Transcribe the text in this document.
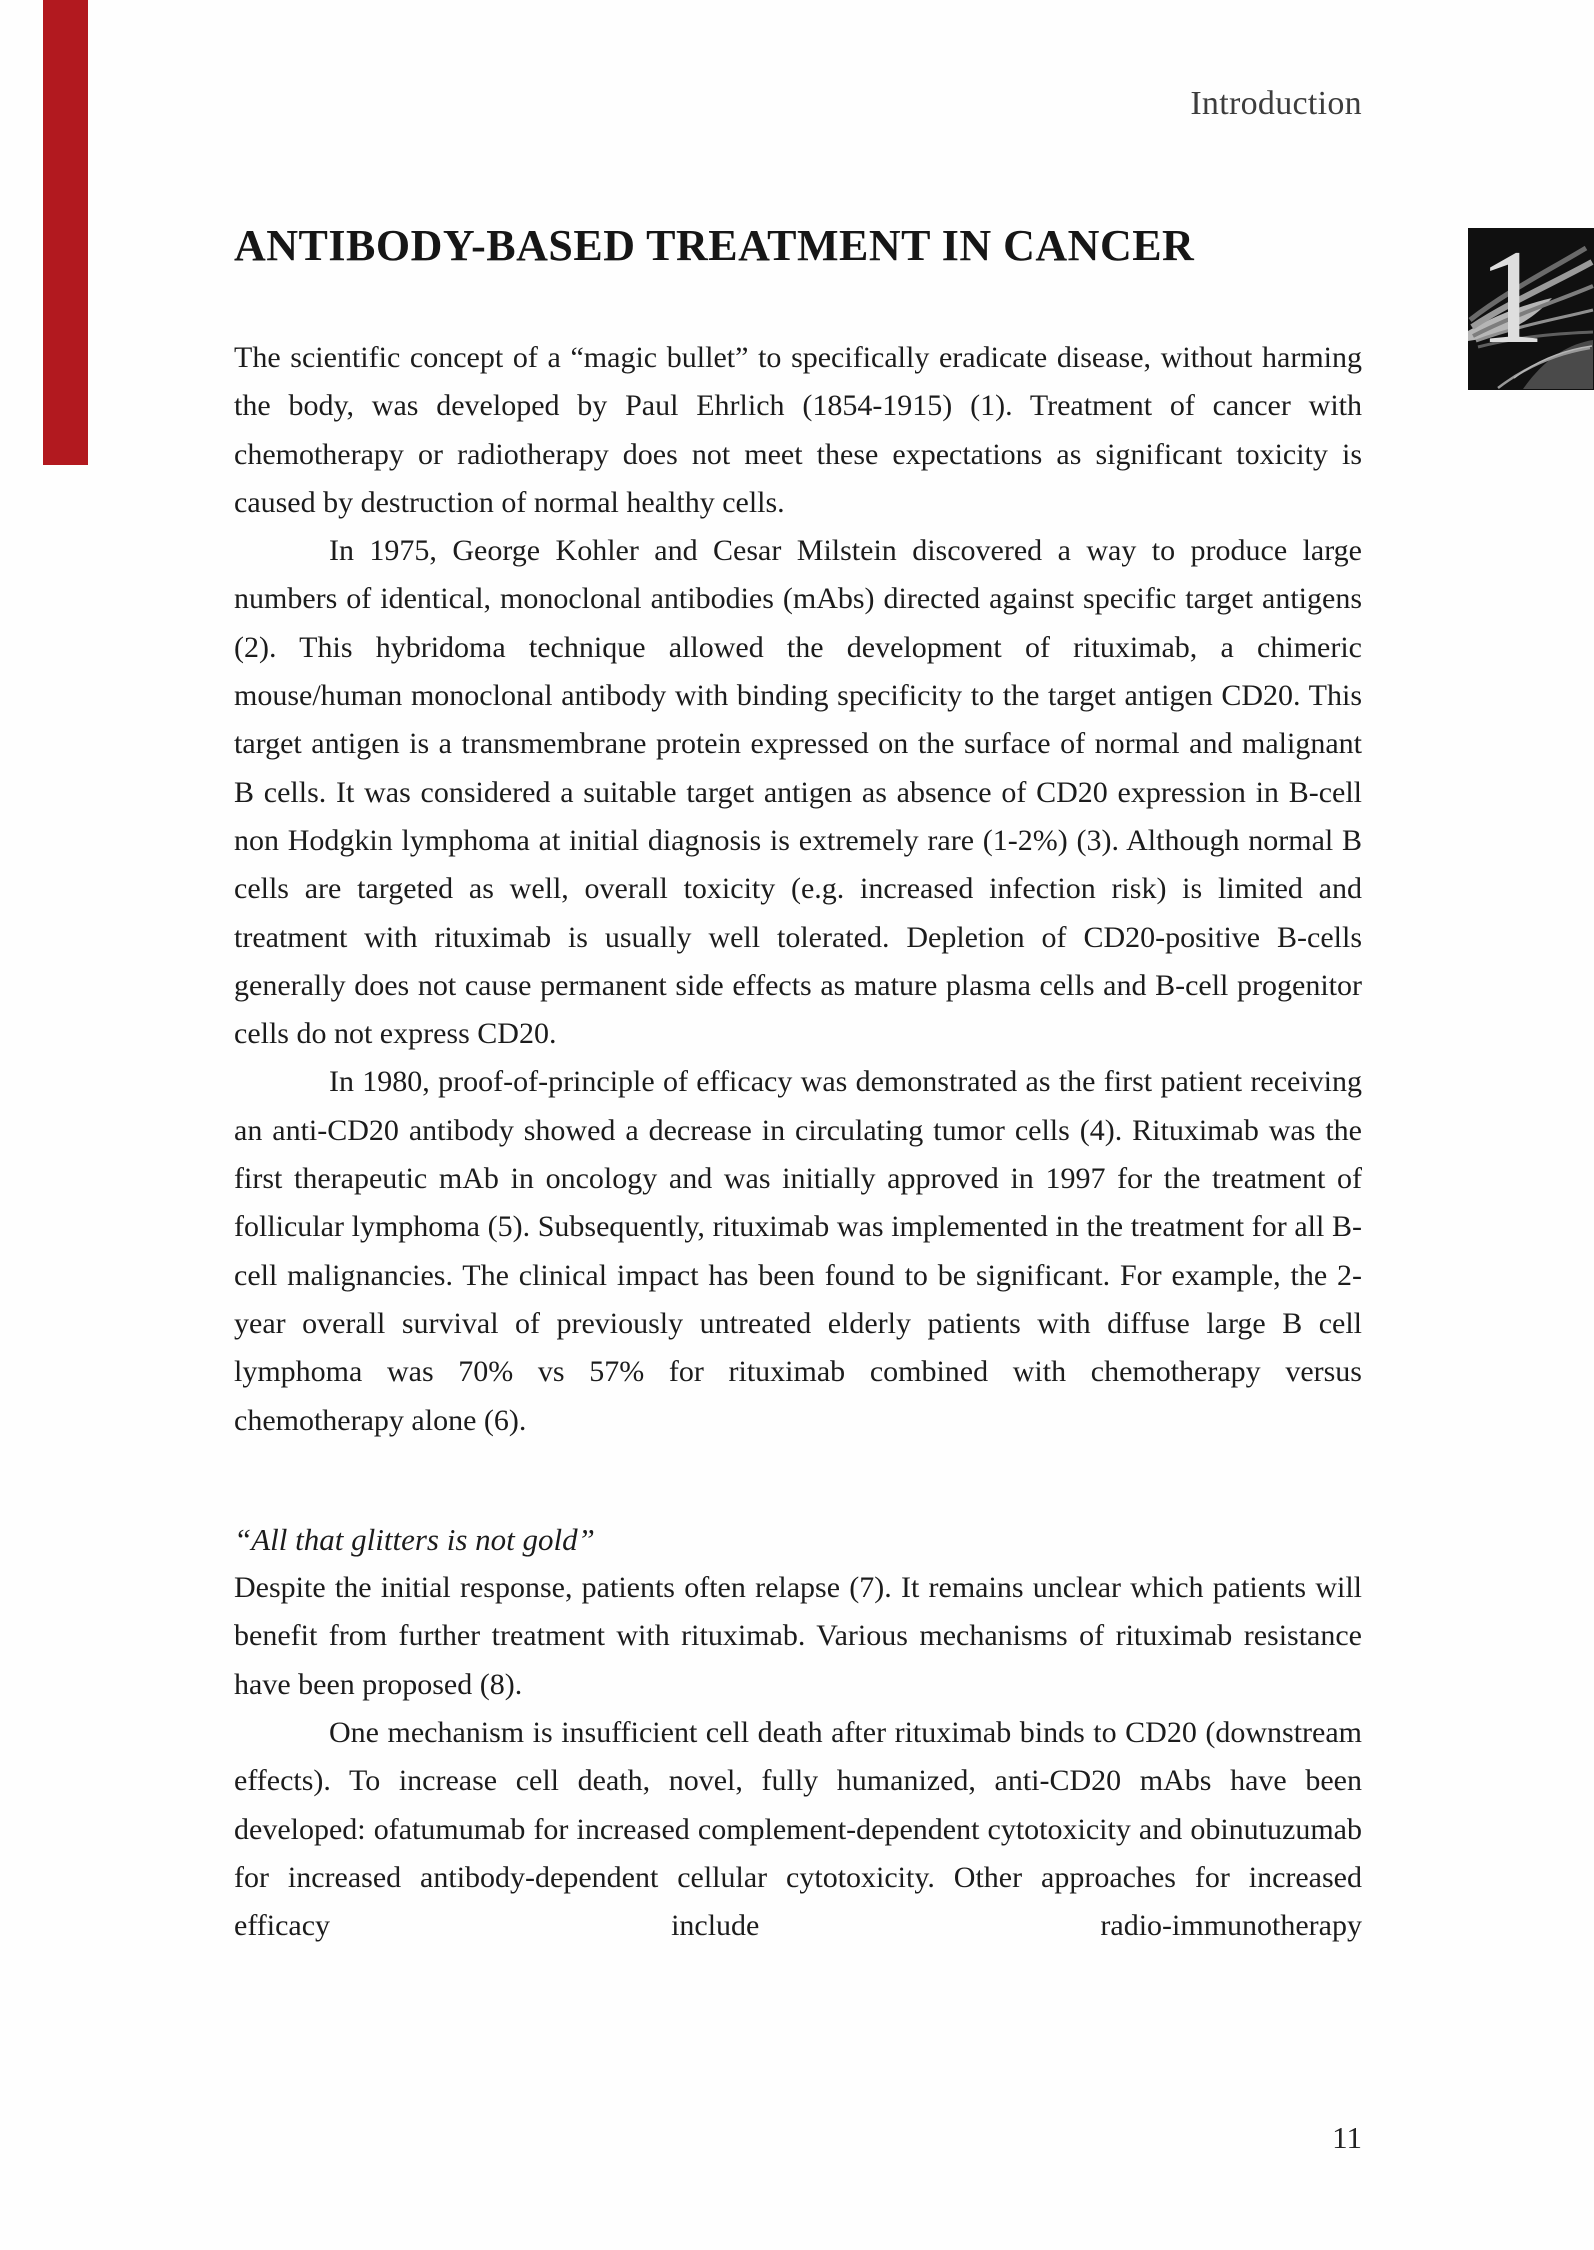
Introduction
1
ANTIBODY-BASED TREATMENT IN CANCER

The scientific concept of a “magic bullet” to specifically eradicate disease, without harming the body, was developed by Paul Ehrlich (1854-1915) (1). Treatment of cancer with chemotherapy or radiotherapy does not meet these expectations as significant toxicity is caused by destruction of normal healthy cells.

In 1975, George Kohler and Cesar Milstein discovered a way to produce large numbers of identical, monoclonal antibodies (mAbs) directed against specific target antigens (2). This hybridoma technique allowed the development of rituximab, a chimeric mouse/human monoclonal antibody with binding specificity to the target antigen CD20. This target antigen is a transmembrane protein expressed on the surface of normal and malignant B cells. It was considered a suitable target antigen as absence of CD20 expression in B-cell non Hodgkin lymphoma at initial diagnosis is extremely rare (1-2%) (3). Although normal B cells are targeted as well, overall toxicity (e.g. increased infection risk) is limited and treatment with rituximab is usually well tolerated. Depletion of CD20-positive B-cells generally does not cause permanent side effects as mature plasma cells and B-cell progenitor cells do not express CD20.

In 1980, proof-of-principle of efficacy was demonstrated as the first patient receiving an anti-CD20 antibody showed a decrease in circulating tumor cells (4). Rituximab was the first therapeutic mAb in oncology and was initially approved in 1997 for the treatment of follicular lymphoma (5). Subsequently, rituximab was implemented in the treatment for all B-cell malignancies. The clinical impact has been found to be significant. For example, the 2-year overall survival of previously untreated elderly patients with diffuse large B cell lymphoma was 70% vs 57% for rituximab combined with chemotherapy versus chemotherapy alone (6).

“All that glitters is not gold”

Despite the initial response, patients often relapse (7). It remains unclear which patients will benefit from further treatment with rituximab. Various mechanisms of rituximab resistance have been proposed (8).

One mechanism is insufficient cell death after rituximab binds to CD20 (downstream effects). To increase cell death, novel, fully humanized, anti-CD20 mAbs have been developed: ofatumumab for increased complement-dependent cytotoxicity and obinutuzumab for increased antibody-dependent cellular cytotoxicity. Other approaches for increased efficacy include radio-immunotherapy

11
